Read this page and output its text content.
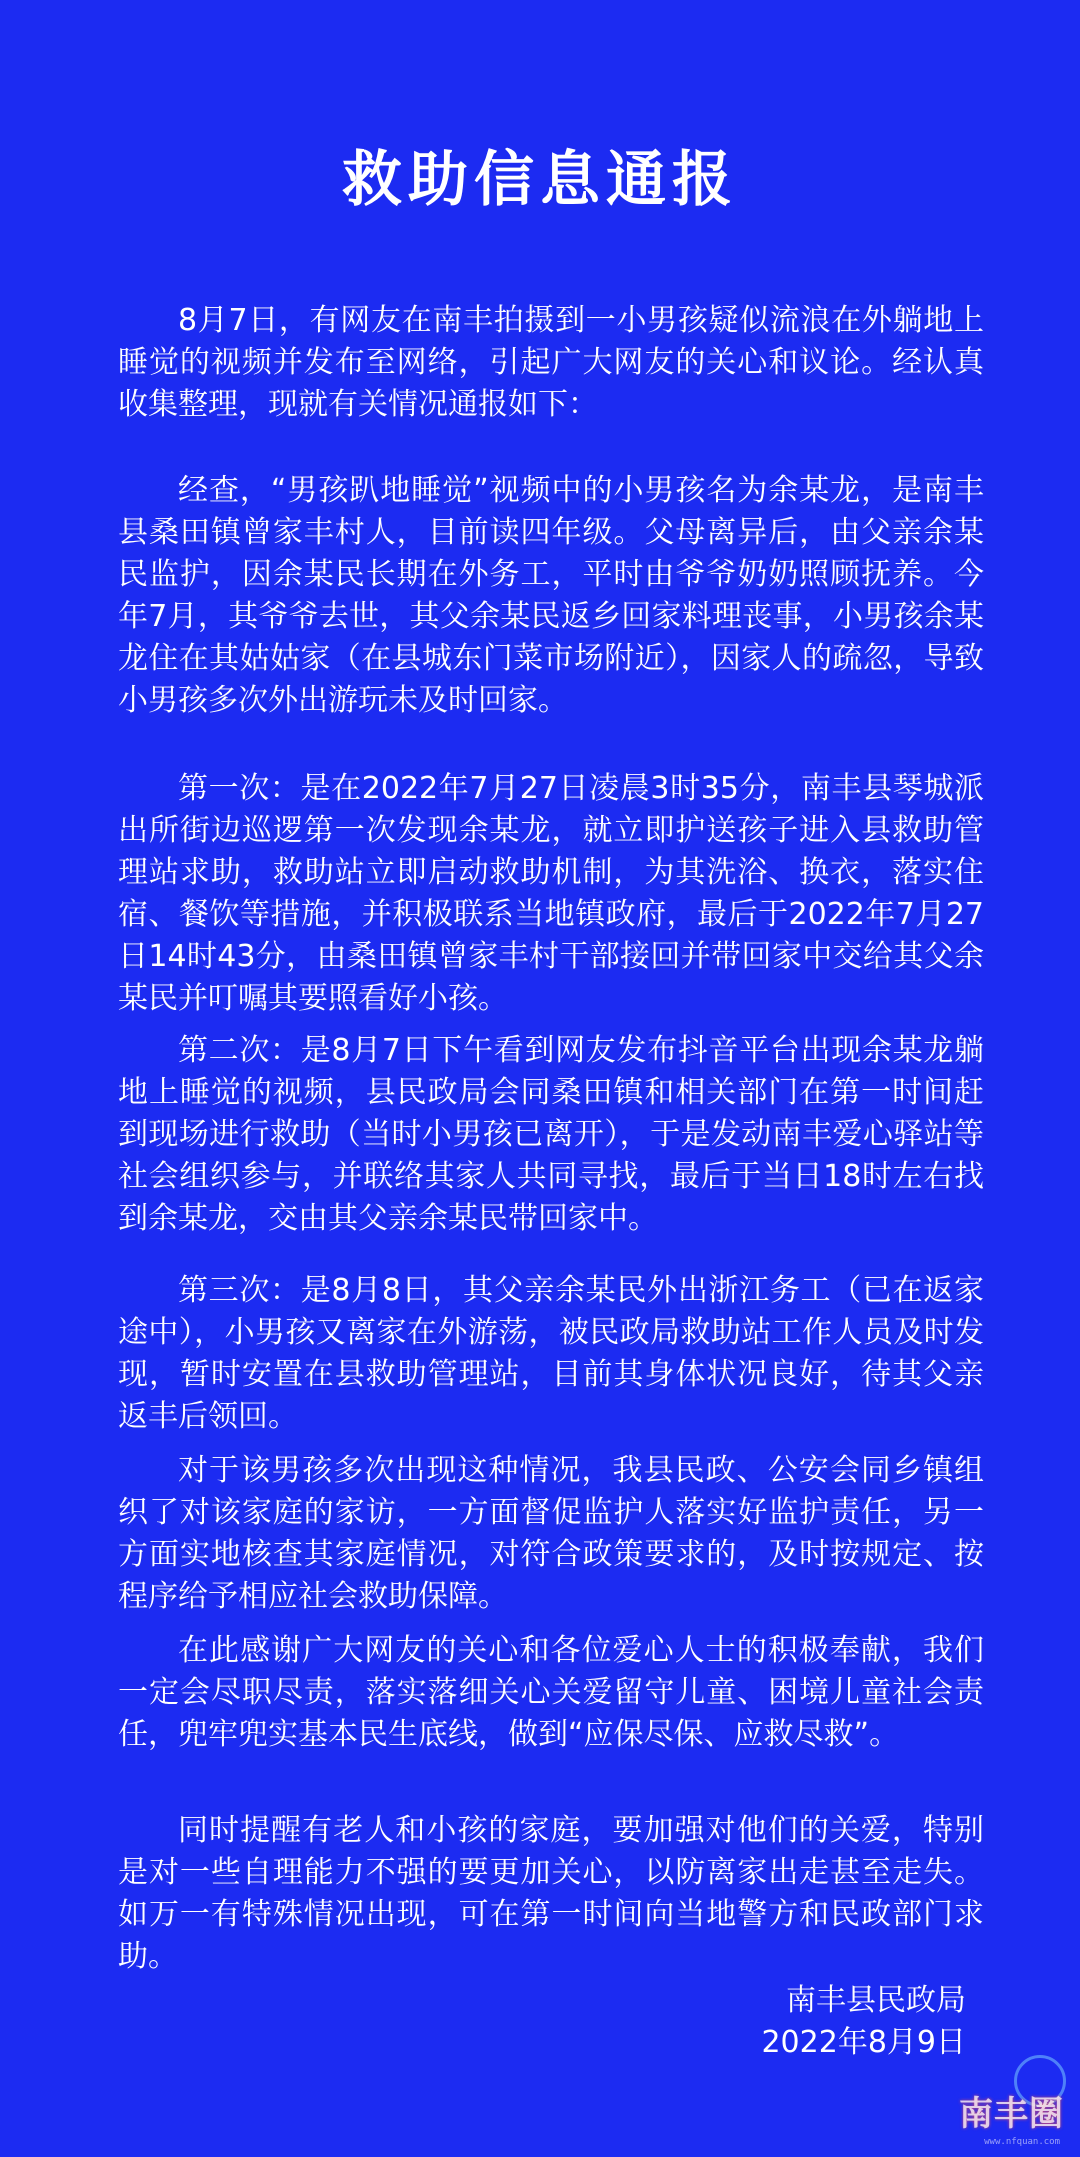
救助信息通报

8月7日，有网友在南丰拍摄到一小男孩疑似流浪在外躺地上睡觉的视频并发布至网络，引起广大网友的关心和议论。经认真收集整理，现就有关情况通报如下：

经查，“男孩趴地睡觉”视频中的小男孩名为余某龙，是南丰县桑田镇曾家丰村人，目前读四年级。父母离异后，由父亲余某民监护，因余某民长期在外务工，平时由爷爷奶奶照顾抚养。今年7月，其爷爷去世，其父余某民返乡回家料理丧事，小男孩余某龙住在其姑姑家（在县城东门菜市场附近），因家人的疏忽，导致小男孩多次外出游玩未及时回家。

第一次：是在2022年7月27日凌晨3时35分，南丰县琴城派出所街边巡逻第一次发现余某龙，就立即护送孩子进入县救助管理站求助，救助站立即启动救助机制，为其洗浴、换衣，落实住宿、餐饮等措施，并积极联系当地镇政府，最后于2022年7月27日14时43分，由桑田镇曾家丰村干部接回并带回家中交给其父余某民并叮嘱其要照看好小孩。

第二次：是8月7日下午看到网友发布抖音平台出现余某龙躺地上睡觉的视频，县民政局会同桑田镇和相关部门在第一时间赶到现场进行救助（当时小男孩已离开），于是发动南丰爱心驿站等社会组织参与，并联络其家人共同寻找，最后于当日18时左右找到余某龙，交由其父亲余某民带回家中。

第三次：是8月8日，其父亲余某民外出浙江务工（已在返家途中），小男孩又离家在外游荡，被民政局救助站工作人员及时发现，暂时安置在县救助管理站，目前其身体状况良好，待其父亲返丰后领回。

对于该男孩多次出现这种情况，我县民政、公安会同乡镇组织了对该家庭的家访，一方面督促监护人落实好监护责任，另一方面实地核查其家庭情况，对符合政策要求的，及时按规定、按程序给予相应社会救助保障。

在此感谢广大网友的关心和各位爱心人士的积极奉献，我们一定会尽职尽责，落实落细关心关爱留守儿童、困境儿童社会责任，兜牢兜实基本民生底线，做到“应保尽保、应救尽救”。

同时提醒有老人和小孩的家庭，要加强对他们的关爱，特别是对一些自理能力不强的要更加关心，以防离家出走甚至走失。如万一有特殊情况出现，可在第一时间向当地警方和民政部门求助。

南丰县民政局
2022年8月9日
南丰圈
www.nfquan.com
